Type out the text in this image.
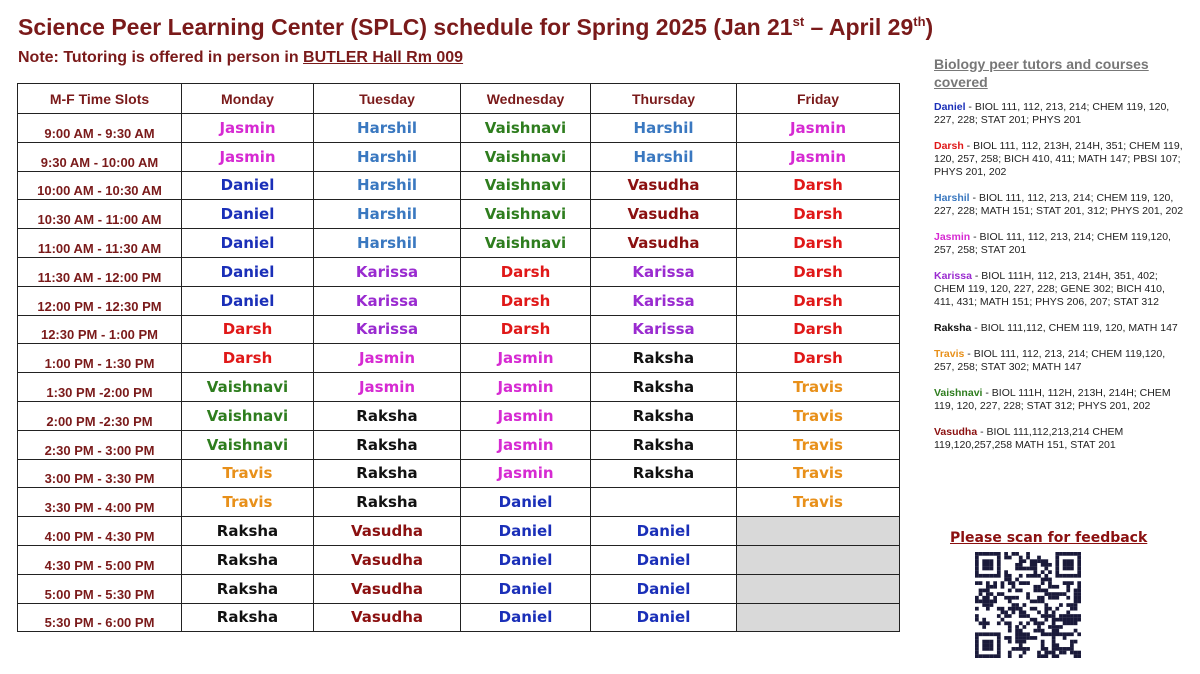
Science Peer Learning Center (SPLC) schedule for Spring 2025 (Jan 21st – April 29th)
Note: Tutoring is offered in person in BUTLER Hall Rm 009
M-F Time Slots	Monday	Tuesday	Wednesday	Thursday	Friday
9:00 AM - 9:30 AM	Jasmin	Harshil	Vaishnavi	Harshil	Jasmin
9:30 AM - 10:00 AM	Jasmin	Harshil	Vaishnavi	Harshil	Jasmin
10:00 AM - 10:30 AM	Daniel	Harshil	Vaishnavi	Vasudha	Darsh
10:30 AM - 11:00 AM	Daniel	Harshil	Vaishnavi	Vasudha	Darsh
11:00 AM - 11:30 AM	Daniel	Harshil	Vaishnavi	Vasudha	Darsh
11:30 AM - 12:00 PM	Daniel	Karissa	Darsh	Karissa	Darsh
12:00 PM - 12:30 PM	Daniel	Karissa	Darsh	Karissa	Darsh
12:30 PM - 1:00 PM	Darsh	Karissa	Darsh	Karissa	Darsh
1:00 PM - 1:30 PM	Darsh	Jasmin	Jasmin	Raksha	Darsh
1:30 PM -2:00 PM	Vaishnavi	Jasmin	Jasmin	Raksha	Travis
2:00 PM -2:30 PM	Vaishnavi	Raksha	Jasmin	Raksha	Travis
2:30 PM - 3:00 PM	Vaishnavi	Raksha	Jasmin	Raksha	Travis
3:00 PM - 3:30 PM	Travis	Raksha	Jasmin	Raksha	Travis
3:30 PM - 4:00 PM	Travis	Raksha	Daniel		Travis
4:00 PM - 4:30 PM	Raksha	Vasudha	Daniel	Daniel	
4:30 PM - 5:00 PM	Raksha	Vasudha	Daniel	Daniel	
5:00 PM - 5:30 PM	Raksha	Vasudha	Daniel	Daniel	
5:30 PM - 6:00 PM	Raksha	Vasudha	Daniel	Daniel	
Biology peer tutors and courses covered
Daniel - BIOL 111, 112, 213, 214; CHEM 119, 120, 227, 228; STAT 201; PHYS 201
Darsh - BIOL 111, 112, 213H, 214H, 351; CHEM 119, 120, 257, 258; BICH 410, 411; MATH 147; PBSI 107; PHYS 201, 202
Harshil - BIOL 111, 112, 213, 214; CHEM 119, 120, 227, 228; MATH 151; STAT 201, 312; PHYS 201, 202
Jasmin - BIOL 111, 112, 213, 214; CHEM 119,120, 257, 258; STAT 201
Karissa - BIOL 111H, 112, 213, 214H, 351, 402; CHEM 119, 120, 227, 228; GENE 302; BICH 410, 411, 431; MATH 151; PHYS 206, 207; STAT 312
Raksha - BIOL 111,112, CHEM 119, 120, MATH 147
Travis - BIOL 111, 112, 213, 214; CHEM 119,120, 257, 258; STAT 302; MATH 147
Vaishnavi - BIOL 111H, 112H, 213H, 214H; CHEM 119, 120, 227, 228; STAT 312; PHYS 201, 202
Vasudha - BIOL 111,112,213,214 CHEM 119,120,257,258 MATH 151, STAT 201
Please scan for feedback
